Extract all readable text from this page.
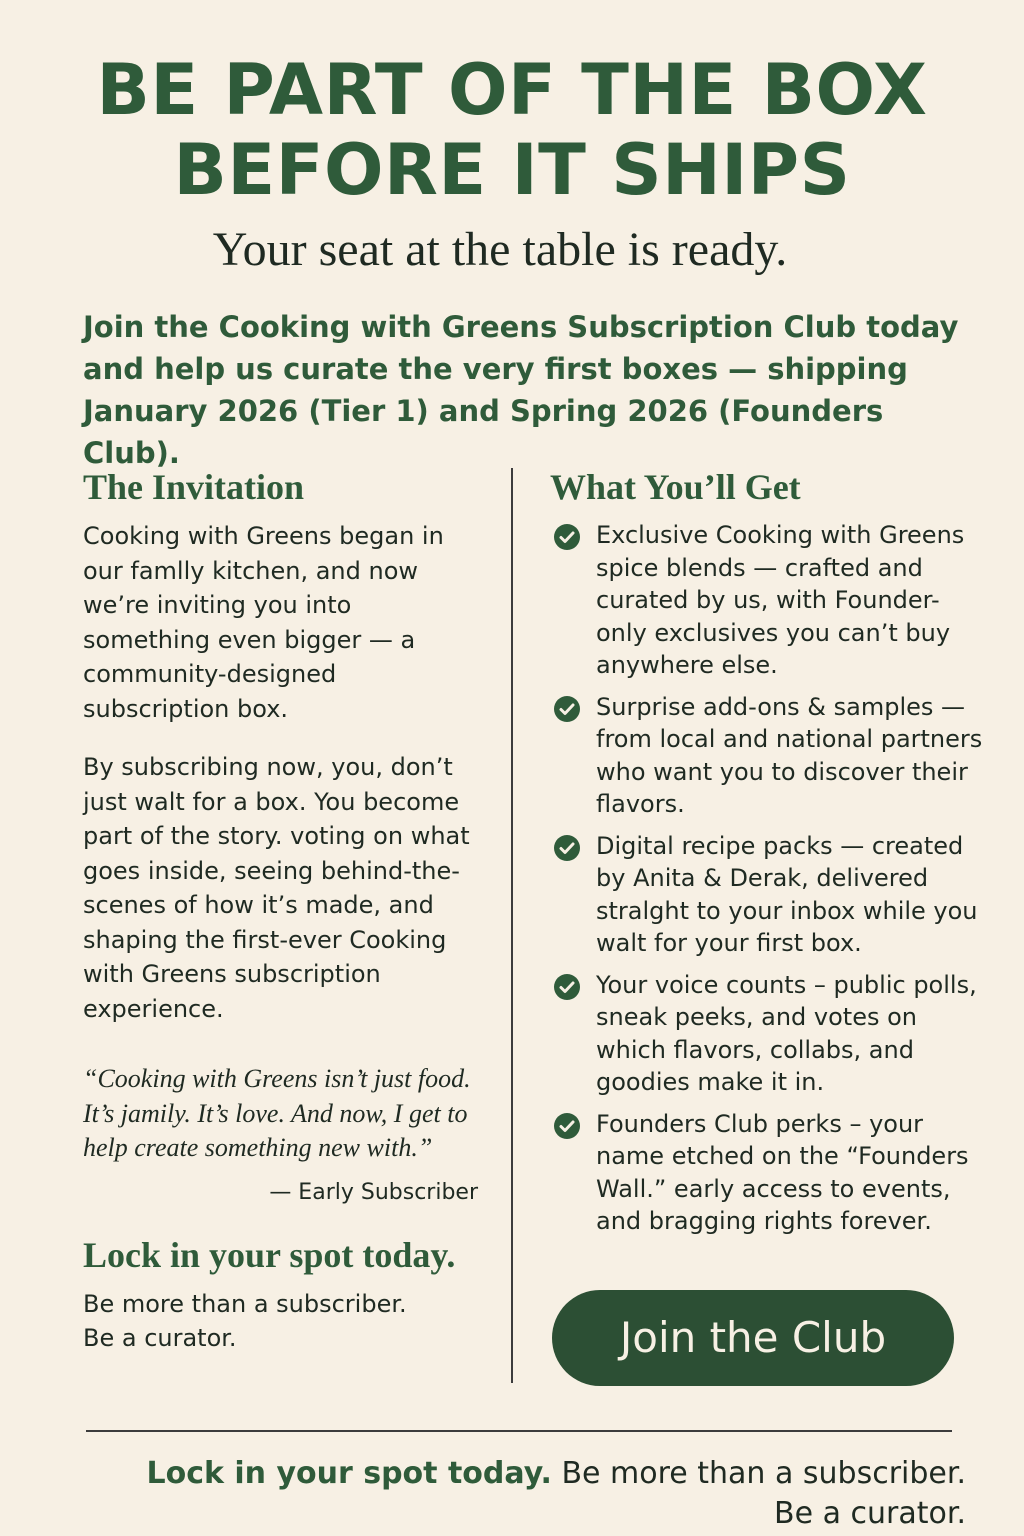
BE PART OF THE BOX
BEFORE IT SHIPS
Your seat at the table is ready.

Join the Cooking with Greens Subscription Club today and help us curate the very first boxes — shipping January 2026 (Tier 1) and Spring 2026 (Founders Club).

The Invitation

Cooking with Greens began in our famlly kitchen, and now we’re inviting you into something even bigger — a community-designed subscription box.

By subscribing now, you, don’t just walt for a box. You become part of the story. voting on what goes inside, seeing behind-the-scenes of how it’s made, and shaping the first-ever Cooking with Greens subscription experience.

“Cooking with Greens isn’t just food. It’s jamily. It’s love. And now, I get to help create something new with.”
— Early Subscriber
Lock in your spot today.

Be more than a subscriber.
Be a curator.

What You’ll Get
Exclusive Cooking with Greens spice blends — crafted and curated by us, with Founder-only exclusives you can’t buy anywhere else.
Surprise add-ons & samples — from local and national partners who want you to discover their flavors.
Digital recipe packs — created by Anita & Derak, delivered stralght to your inbox while you walt for your first box.
Your voice counts – public polls, sneak peeks, and votes on which flavors, collabs, and goodies make it in.
Founders Club perks – your name etched on the “Founders Wall.” early access to events, and bragging rights forever.
Join the Club
Lock in your spot today. Be more than a subscriber.
Be a curator.
